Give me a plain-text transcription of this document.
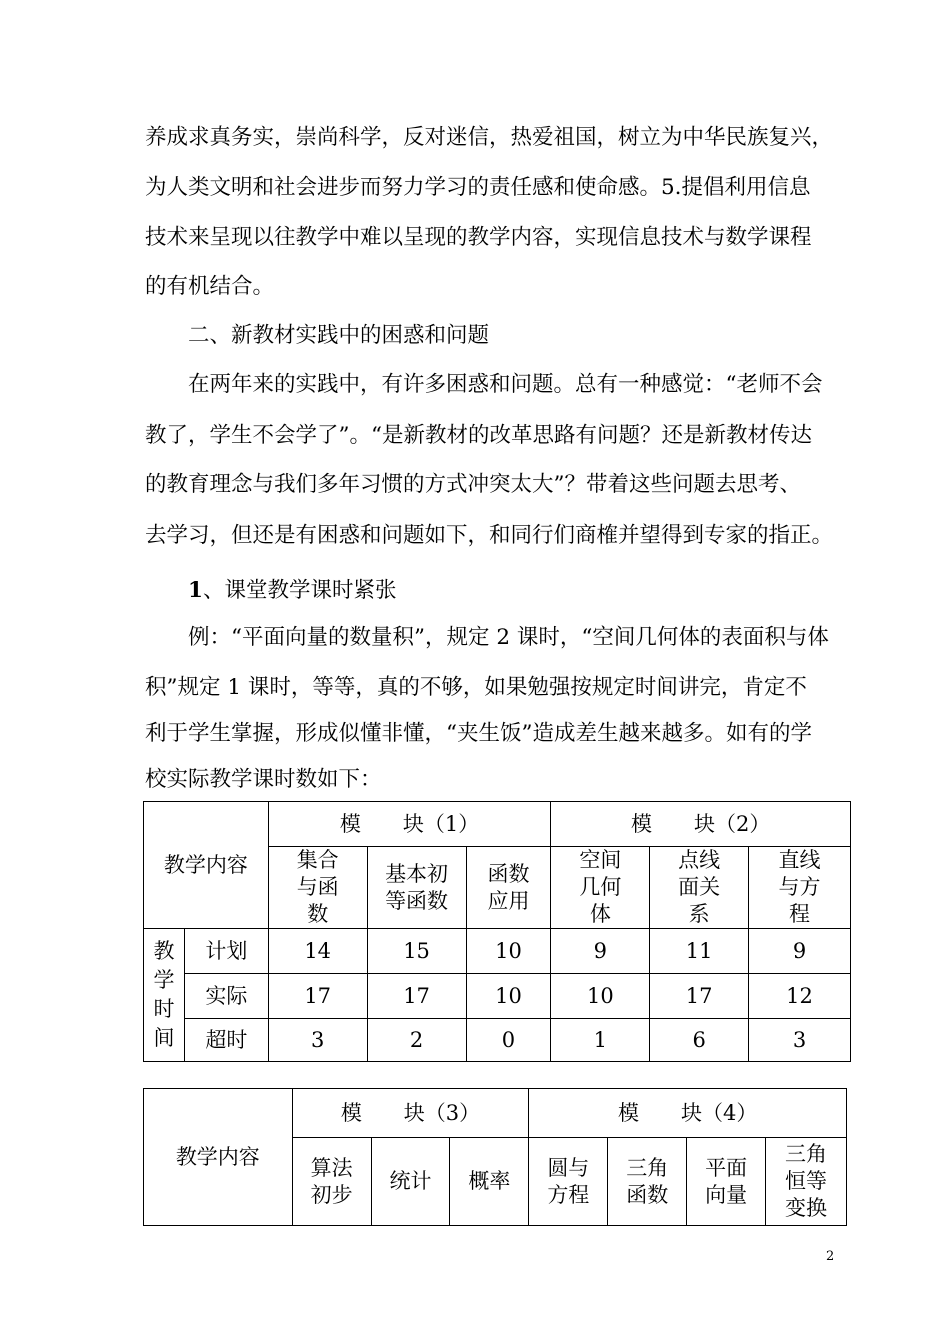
养成求真务实，崇尚科学，反对迷信，热爱祖国，树立为中华民族复兴，
为人类文明和社会进步而努力学习的责任感和使命感。5.提倡利用信息
技术来呈现以往教学中难以呈现的教学内容，实现信息技术与数学课程
的有机结合。
二、新教材实践中的困惑和问题
在两年来的实践中，有许多困惑和问题。总有一种感觉：“老师不会
教了，学生不会学了”。“是新教材的改革思路有问题？还是新教材传达
的教育理念与我们多年习惯的方式冲突太大”？带着这些问题去思考、
去学习，但还是有困惑和问题如下，和同行们商榷并望得到专家的指正。
1、课堂教学课时紧张
例：“平面向量的数量积”，规定 2 课时，“空间几何体的表面积与体
积”规定 1 课时，等等，真的不够，如果勉强按规定时间讲完，肯定不
利于学生掌握，形成似懂非懂，“夹生饭”造成差生越来越多。如有的学
校实际教学课时数如下：
教学内容		模　　块（1）			模　　块（2）		

		集合与函数	基本初等函数	函数应用	空间几何体	点线面关系	直线与方程

教
学
时
间	计划	14	15	10	9	11	9
	实际	17	17	10	10	17	12
	超时	3	2	0	1	6	3
教学内容	模　　块（3）			模　　块（4）			

	算法初步	统计	概率	圆与方程	三角函数	平面向量	三角恒等变换
2
